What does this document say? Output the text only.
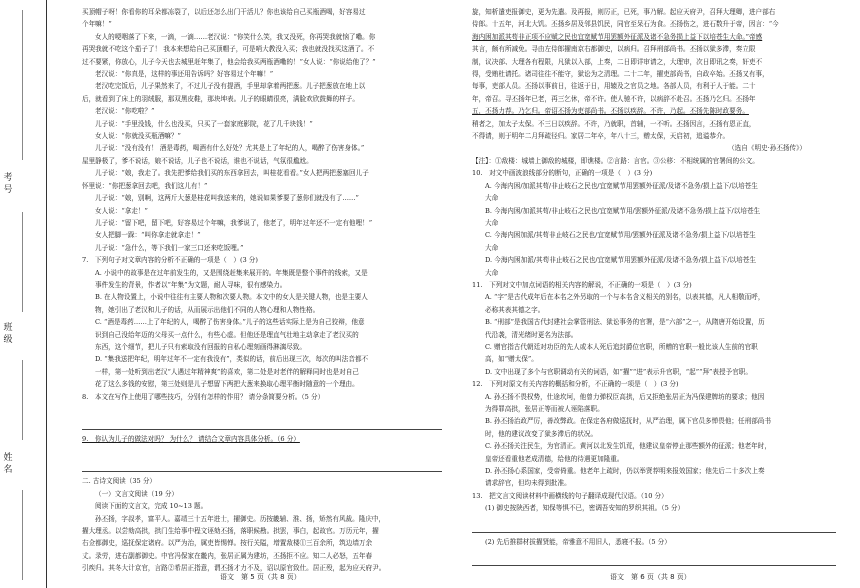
考号
班级
姓名

买顶帽子呀！你看你的耳朵都冻裂了，以后还怎么出门干活儿？你也该给自己买瓶酒喝，好容易过

个年嘛！”

女人的哽咽落了下来，一滴，一滴……老汉说：“你笑什么笑，我又没死，你再哭我就恼了嘞。你

再哭我就不吃这个茄子了！ 我本来想给自己买顶帽子，可是哨大教没入买；我也就没找买这酒了。不

过不要紧，你放心，儿子今天也去城里赶年集了，他会给我买两瓶酒嘞的！”女人说：“你说给他了？”

老汉说：“你真是，这样的事还用告诉吗？好容易过个年嘛！”

老汉吃完饭后，儿子果然来了，不过儿子没有提酒，手里却拿着两把葱。儿子把葱放在地上以

后，就看到了床上的羽绒服，那双黑皮鞋，那块坤表。儿子的眼睛很亮，满脸欢欣鼓舞的样子。

老汉说：“你吃啦？”

儿子说：“手里没钱，什么也没买，只买了一套家庭影院，花了几千块钱！”

女人说：“你就没买瓶酒嘛？”

儿子说：“没有没有！ 酒是毒药，喝酒有什么好处？尤其是上了年纪的人，喝醉了伤害身体。”

屋里静极了，爹不说话，娘不说话，儿子也不说话，谁也不说话，气氛很尴尬。

儿子说：“娘，我走了。我先把爹给我们买的东西拿回去，叫桂花看看。”女人把两把葱塞回儿子

怀里说：“你把葱拿回去吧，我们这儿有！”

儿子说：“娘，别啊，这两斤大葱是桂花叫我送来的，她说如果爹要了葱你们就没有了……”

女人说：“拿走！”

儿子说：“留下吧，留下吧，好容易过个年嘛，我爹说了，他老了，明年过年还不一定有他哩！”

女人把脚一跺：“叫你拿走就拿走！”

儿子说：“急什么，等下我们一家三口还来吃饭哩。”

7.　下列句子对文章内容的分析不正确的一项是（　）(3 分)

A. 小说中的故事是在过年前发生的，又是围绕赶集来展开的。年集既是整个事件的线索，又是

事件发生的背景，作者以“年集”为文题，耐人寻味，很有感染力。

B. 在人物设置上，小说中往往有主要人物和次要人物。本文中的女人是关键人物，也是主要人

物，她引出了老汉和儿子的话，从而展示出他们不同的人物心理和人物性格。

C. “酒是毒药……上了年纪的人，喝醉了伤害身体。”儿子的这些话实际上是为自己狡辩，他意

识到自己没给年迈的父母买一点什么，有些心虚。但他还是理直气壮地主动拿走了老汉买的

东西，这个细节，把儿子只有索取没有回报的自私心理刻画得淋漓尽致。

D. “集我送把年纪，明年过年不一定有我没有”，类似的话，前后出现三次，每次的叫法音都不

一样，第一处听到出老汉“人遇过年精神爽”的喜欢，第二处是对老伴的解释同时也是对自己

花了这么多钱的安慰，第三处则是儿子想留下两把大葱来换取心理平衡时随意的一个理由。

8.　本文在写作上使用了哪些技巧，分别有怎样的作用？ 请分条简要分析。（5 分）

9.　你认为儿子的做法对吗？ 为什么？ 请结合文章内容具体分析。（6 分）

二. 古诗文阅读（35 分）

（一）文言文阅读（19 分）

阅读下面的文言文，完成 10~13 题。

孙丕扬，字叔孝，富平人。嘉靖三十五年进士，擢御史。历按畿辅、淮、扬，矫然有风裁。隆庆中，

擢大理丞。以尝劾高拱，拱门生给事中程文诬劾丕扬，落职候勘。拱罢，事白，起故官。万历元年，擢

右佥都御史，巡抚保定诸府。以严为治，属吏皆惕惮。按行关隘，增置敌楼①三百余所，筑边墙万余

丈。录劳，进右副都御史。中官冯保家在畿内，张居正属为建坊，丕扬拒不应。知二人必怒，五年春

引疾归。其冬大计京官，言路②希居正指意，谓丕扬才力不及，诏以原官致仕。居正殁，起为应天府尹。

语文　第 5 页（共 8 页）

旋，知析遣吏报御史，更为先遣。及再报，则厉正，已死，事乃解。起应天府尹，召拜大理卿，进户部右

侍郎。十五年，河北大饥。丕扬乡居及邻县饥民，同官至呆石为食。丕扬伤之，进石数升于帝，因言：“今

海内困加派其苟非正项不应赋之民也宜宽赋节用罢额外征派及诸不急务损上益下以培苍生大命。”帝感

其言，颇有所减免。寻由左侍郎擢南京右都御史，以病归。召拜刑部尚书。丕扬以狱多滞，奏立限

制，议决部、大理各有程限，凡狱以入部，上奏，二日即详审请之，大理审，次日即讯之奏，奸吏不

得，受贿杜请托。诸司往往不能守，狱讼为之清理。二十二年，擢吏部尚书，自政卒始。丕扬又有事，

每事，吏部人员。丕扬以事前日，往返于日，用辕及之官员之地。各部人员，有利于人于能。二十

年，帝召。寻丕扬年已老，再三乞休，帝不许。使人驰不许，以病辞不赴召。丕扬乃乞归。丕扬年

五，丕扬力荐。乃乞归。帝诏丕扬为吏部尚书。丕扬以疾辞。不许，乃起。丕扬先陈时政要务。

稍者之，加太子太保。不三日以疾辞。不许，乃就职，首辅，一不听。丕扬因言，丕扬有恩正直，

不得请，则于明年二月拜疏径归。家居二年卒，年八十三，赠太保，天启初，追谥恭介。

（选自《明史·孙丕扬传》）

【注】：①敌楼：城墙上御敌的城楼，即谯楼。②言路：言官。③公移：不相统属的官署间的公文。

10.　对文中画波浪线部分的断句，正确的一项是（　）(3 分)

A. 今海内困/加派其苟/非止岐石之民也/宜宽赋节用罢额外征派/及诸不急务/损上益下/以培苍生

大命

B. 今海内困/加派其苟/非止岐石之民也/宜宽赋节用/罢额外征派/及诸不急务/损上益下/以培苍生

大命

C. 今海内困加派/其苟非止岐石之民也/宜宽赋节用/罢额外征派及诸不急务/损上益下/以培苍生

大命

D. 今海内困加派/其苟非止岐石之民也/宜宽赋节用罢额外征派/及诸不急务/损上益下/以培苍生

大命

11.　下列对文中加点词语的相关内容的解说，不正确的一项是（　）(3 分)

A. “字”是古代成年后在本名之外另取的一个与本名含义相关的别名，以表其德，凡人相敬而呼，

必称其表其德之字。

B. “刑部”是我国古代封建社会掌管刑法、狱讼事务的官署，是“六部”之一，从隋唐开始设置，历

代沿袭，清光绪时更名为法部。

C. 赠官指古代朝廷对功臣的先人或本人死后追封爵位官职，所赠的官职一般比该人生前的官职

高，如“赠太保”。

D. 文中出现了多个与官职调动有关的词语，如“擢”“进”表示升官职，“起”“拜”表授予官职。

12.　下列对原文有关内容的概括和分析，不正确的一项是（　）(3 分)

A. 孙丕扬不畏权势，仕途坎坷，他曾力弹权臣高拱，后又拒绝张居正为冯保建牌坊的要求；他因

为得罪高拱，张居正等而被人诬陷落职。

B. 孙丕扬治政严厉，善改弊政。在保定各府做巡抚时，从严治理，属下官员多惮畏他；任刑部尚书

时，他的建议改变了狱多滞后的状况。

C. 孙丕扬关注民生，为官清正。黄河以北发生饥荒，他建议皇帝停止那些额外的征派；他老年时，

皇帝还看重他老成清德，给他的待遇更加隆重。

D. 孙丕扬心系国家，受帝倚重。他老年上疏时，仍以举贤荐明来报效国家；他先后二十多次上奏

请求辞官，但均未得到批准。

13.　把文言文阅读材料中画横线的句子翻译成现代汉语。（10 分）

(1) 御史按陕西者，知保等惧不已，密调吾安知的罗织其祖。（5 分）

(2) 先后推群材拔擢贤能，帝雅意不用旧人，悉寝不报。（5 分）

语文　第 6 页（共 8 页）
